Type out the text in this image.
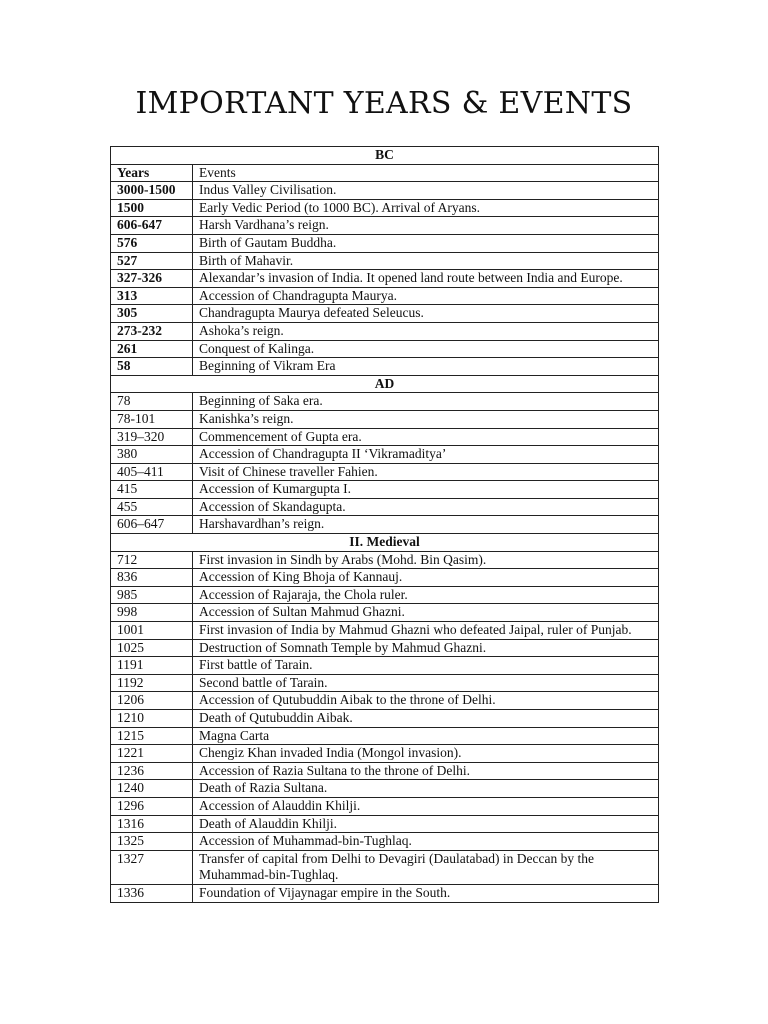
IMPORTANT YEARS & EVENTS
BC	
Years	Events
3000-1500	Indus Valley Civilisation.
1500	Early Vedic Period (to 1000 BC). Arrival of Aryans.
606-647	Harsh Vardhana’s reign.
576	Birth of Gautam Buddha.
527	Birth of Mahavir.
327-326	Alexandar’s invasion of India. It opened land route between India and Europe.
313	Accession of Chandragupta Maurya.
305	Chandragupta Maurya defeated Seleucus.
273-232	Ashoka’s reign.
261	Conquest of Kalinga.
58	Beginning of Vikram Era
AD	
78	Beginning of Saka era.
78-101	Kanishka’s reign.
319–320	Commencement of Gupta era.
380	Accession of Chandragupta II ‘Vikramaditya’
405–411	Visit of Chinese traveller Fahien.
415	Accession of Kumargupta I.
455	Accession of Skandagupta.
606–647	Harshavardhan’s reign.
II. Medieval	
712	First invasion in Sindh by Arabs (Mohd. Bin Qasim).
836	Accession of King Bhoja of Kannauj.
985	Accession of Rajaraja, the Chola ruler.
998	Accession of Sultan Mahmud Ghazni.
1001	First invasion of India by Mahmud Ghazni who defeated Jaipal, ruler of Punjab.
1025	Destruction of Somnath Temple by Mahmud Ghazni.
1191	First battle of Tarain.
1192	Second battle of Tarain.
1206	Accession of Qutubuddin Aibak to the throne of Delhi.
1210	Death of Qutubuddin Aibak.
1215	Magna Carta
1221	Chengiz Khan invaded India (Mongol invasion).
1236	Accession of Razia Sultana to the throne of Delhi.
1240	Death of Razia Sultana.
1296	Accession of Alauddin Khilji.
1316	Death of Alauddin Khilji.
1325	Accession of Muhammad-bin-Tughlaq.
1327	Transfer of capital from Delhi to Devagiri (Daulatabad) in Deccan by the Muhammad-bin-Tughlaq.
1336	Foundation of Vijaynagar empire in the South.
